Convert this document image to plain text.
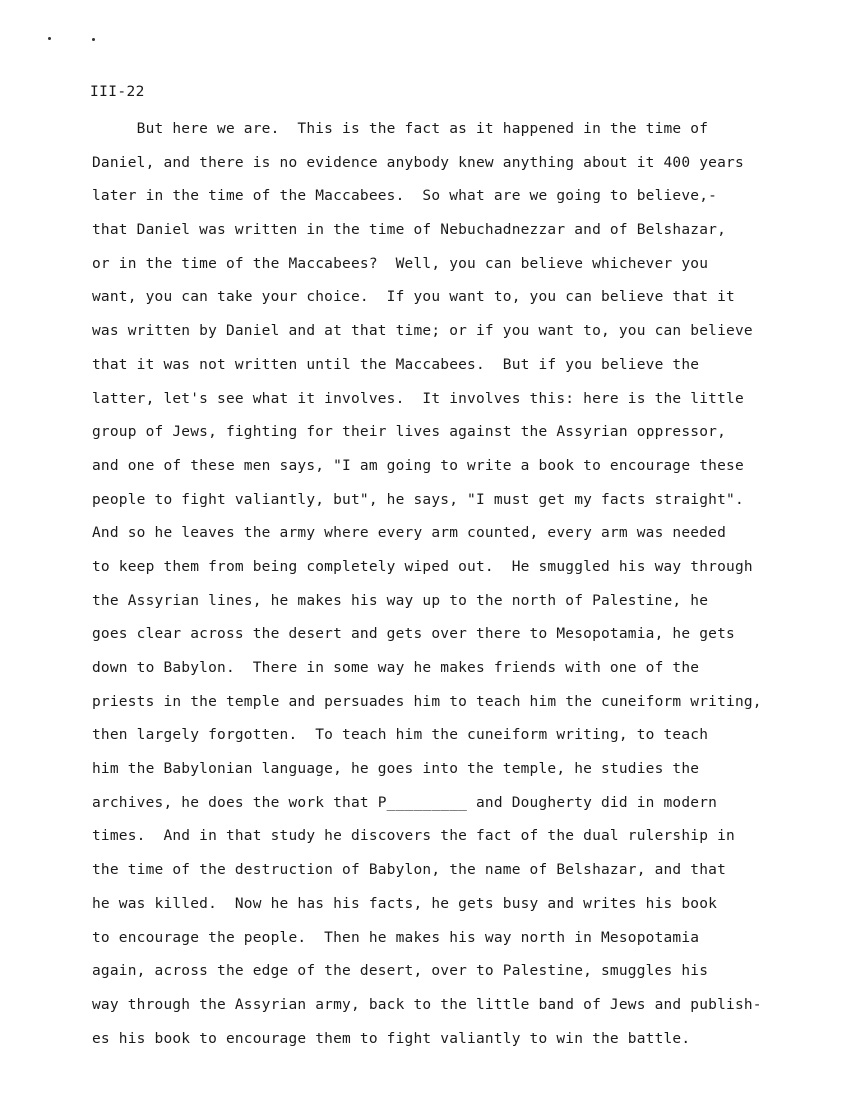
III-22
But here we are.  This is the fact as it happened in the time of
Daniel, and there is no evidence anybody knew anything about it 400 years
later in the time of the Maccabees.  So what are we going to believe,-
that Daniel was written in the time of Nebuchadnezzar and of Belshazar,
or in the time of the Maccabees?  Well, you can believe whichever you
want, you can take your choice.  If you want to, you can believe that it
was written by Daniel and at that time; or if you want to, you can believe
that it was not written until the Maccabees.  But if you believe the
latter, let's see what it involves.  It involves this: here is the little
group of Jews, fighting for their lives against the Assyrian oppressor,
and one of these men says, "I am going to write a book to encourage these
people to fight valiantly, but", he says, "I must get my facts straight".
And so he leaves the army where every arm counted, every arm was needed
to keep them from being completely wiped out.  He smuggled his way through
the Assyrian lines, he makes his way up to the north of Palestine, he
goes clear across the desert and gets over there to Mesopotamia, he gets
down to Babylon.  There in some way he makes friends with one of the
priests in the temple and persuades him to teach him the cuneiform writing,
then largely forgotten.  To teach him the cuneiform writing, to teach
him the Babylonian language, he goes into the temple, he studies the
archives, he does the work that P_________ and Dougherty did in modern
times.  And in that study he discovers the fact of the dual rulership in
the time of the destruction of Babylon, the name of Belshazar, and that
he was killed.  Now he has his facts, he gets busy and writes his book
to encourage the people.  Then he makes his way north in Mesopotamia
again, across the edge of the desert, over to Palestine, smuggles his
way through the Assyrian army, back to the little band of Jews and publish-
es his book to encourage them to fight valiantly to win the battle.
